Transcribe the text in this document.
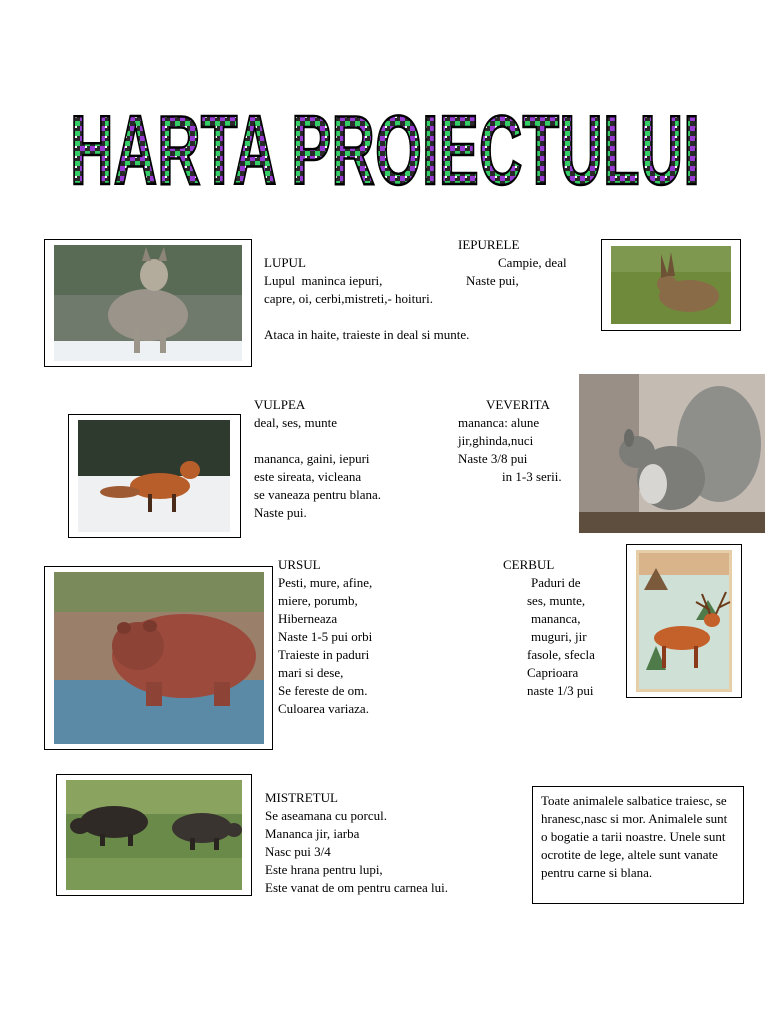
HARTA PROIECTULUI
LUPUL
Lupul  maninca iepuri,
capre, oi, cerbi,mistreti,- hoituri.
Ataca in haite, traieste in deal si munte.
IEPURELE
Campie, deal
Naste pui,
VULPEA
deal, ses, munte
mananca, gaini, iepuri
este sireata, vicleana
se vaneaza pentru blana.
Naste pui.
VEVERITA
mananca: alune
jir,ghinda,nuci
Naste 3/8 pui
in 1-3 serii.
URSUL
Pesti, mure, afine,
miere, porumb,
Hiberneaza
Naste 1-5 pui orbi
Traieste in paduri
mari si dese,
Se fereste de om.
Culoarea variaza.
CERBUL
Paduri de
ses, munte,
mananca,
muguri, jir
fasole, sfecla
Caprioara
naste 1/3 pui
MISTRETUL
Se aseamana cu porcul.
Mananca jir, iarba
Nasc pui 3/4
Este hrana pentru lupi,
Este vanat de om pentru carnea lui.
Toate animalele salbatice traiesc, se hranesc,nasc si mor. Animalele sunt o bogatie a tarii noastre. Unele sunt ocrotite de lege, altele sunt vanate pentru carne si blana.
